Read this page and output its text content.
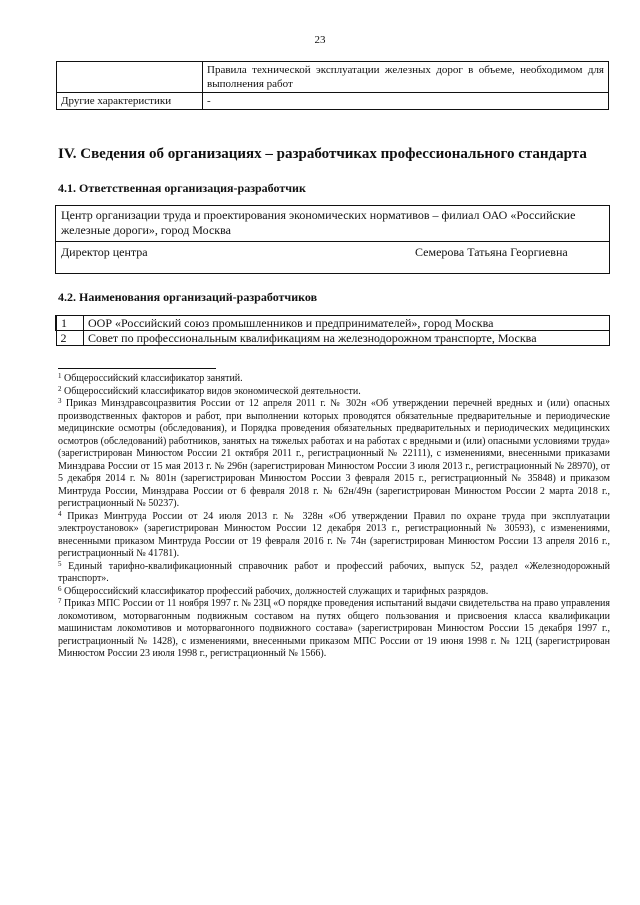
23
	Правила технической эксплуатации железных дорог в объеме, необходимом для выполнения работ
Другие характеристики	-
IV. Сведения об организациях – разработчиках профессионального стандарта
4.1. Ответственная организация-разработчик
Центр организации труда и проектирования экономических нормативов – филиал ОАО «Российские железные дороги», город Москва
Директор центра	Семерова Татьяна Георгиевна
4.2. Наименования организаций-разработчиков
1	ООР «Российский союз промышленников и предпринимателей», город Москва
2	Совет по профессиональным квалификациям на железнодорожном транспорте, Москва

$^1$ Общероссийский классификатор занятий.

$^2$ Общероссийский классификатор видов экономической деятельности.

$^3$ Приказ Минздравсоцразвития России от 12 апреля 2011 г. № 302н «Об утверждении перечней вредных и (или) опасных производственных факторов и работ, при выполнении которых проводятся обязательные предварительные и периодические медицинские осмотры (обследования), и Порядка проведения обязательных предварительных и периодических медицинских осмотров (обследований) работников, занятых на тяжелых работах и на работах с вредными и (или) опасными условиями труда» (зарегистрирован Минюстом России 21 октября 2011 г., регистрационный № 22111), с изменениями, внесенными приказами Минздрава России от 15 мая 2013 г. № 296н (зарегистрирован Минюстом России 3 июля 2013 г., регистрационный № 28970), от 5 декабря 2014 г. № 801н (зарегистрирован Минюстом России 3 февраля 2015 г., регистрационный № 35848) и приказом Минтруда России, Минздрава России от 6 февраля 2018 г. № 62н/49н (зарегистрирован Минюстом России 2 марта 2018 г., регистрационный № 50237).

$^4$ Приказ Минтруда России от 24 июля 2013 г. № 328н «Об утверждении Правил по охране труда при эксплуатации электроустановок» (зарегистрирован Минюстом России 12 декабря 2013 г., регистрационный № 30593), с изменениями, внесенными приказом Минтруда России от 19 февраля 2016 г. № 74н (зарегистрирован Минюстом России 13 апреля 2016 г., регистрационный № 41781).

$^5$ Единый тарифно-квалификационный справочник работ и профессий рабочих, выпуск 52, раздел «Железнодорожный транспорт».

$^6$ Общероссийский классификатор профессий рабочих, должностей служащих и тарифных разрядов.

$^7$ Приказ МПС России от 11 ноября 1997 г. № 23Ц «О порядке проведения испытаний выдачи свидетельства на право управления локомотивом, моторвагонным подвижным составом на путях общего пользования и присвоения класса квалификации машинистам локомотивов и моторвагонного подвижного состава» (зарегистрирован Минюстом России 15 декабря 1997 г., регистрационный № 1428), с изменениями, внесенными приказом МПС России от 19 июня 1998 г. № 12Ц (зарегистрирован Минюстом России 23 июля 1998 г., регистрационный № 1566).
